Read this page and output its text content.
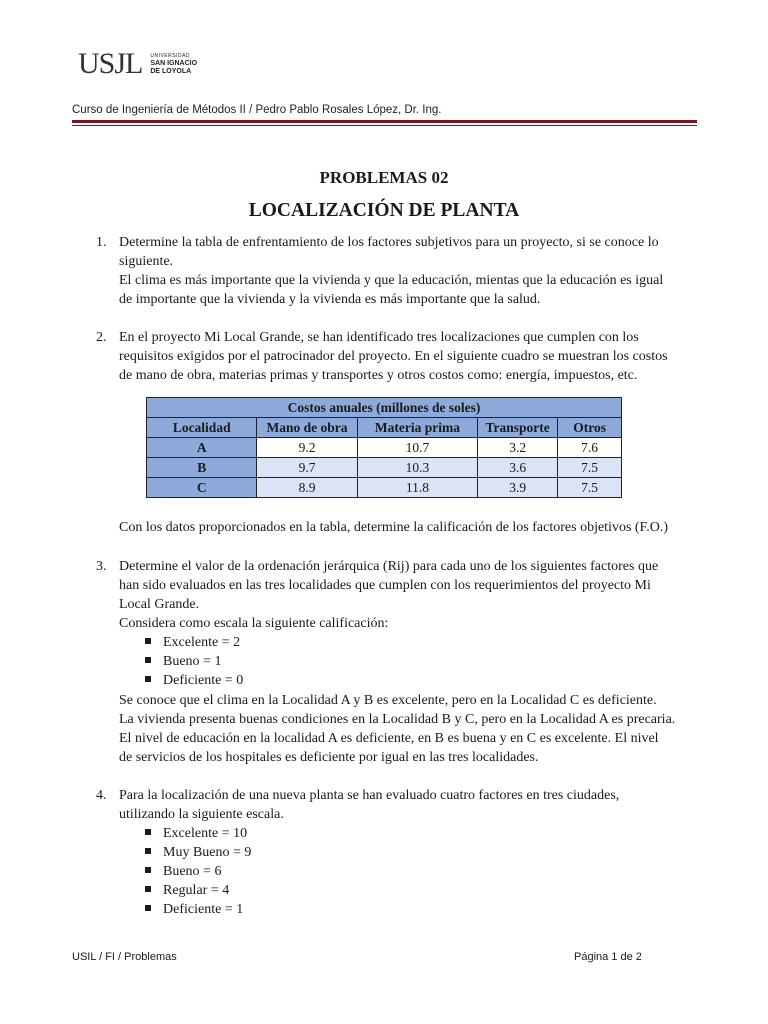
USJL UNIVERSIDAD
SAN IGNACIO
DE LOYOLA
Curso de Ingeniería de Métodos II / Pedro Pablo Rosales López, Dr. Ing.
PROBLEMAS 02
LOCALIZACIÓN DE PLANTA
1. Determine la tabla de enfrentamiento de los factores subjetivos para un proyecto, si se conoce lo
siguiente.
El clima es más importante que la vivienda y que la educación, mientas que la educación es igual
de importante que la vivienda y la vivienda es más importante que la salud.
2. En el proyecto Mi Local Grande, se han identificado tres localizaciones que cumplen con los
requisitos exigidos por el patrocinador del proyecto. En el siguiente cuadro se muestran los costos
de mano de obra, materias primas y transportes y otros costos como: energía, impuestos, etc.
Costos anuales (millones de soles)				
Localidad	Mano de obra	Materia prima	Transporte	Otros
A	9.2	10.7	3.2	7.6
B	9.7	10.3	3.6	7.5
C	8.9	11.8	3.9	7.5
Con los datos proporcionados en la tabla, determine la calificación de los factores objetivos (F.O.)
3. Determine el valor de la ordenación jerárquica (Rij) para cada uno de los siguientes factores que
han sido evaluados en las tres localidades que cumplen con los requerimientos del proyecto Mi
Local Grande.
Considera como escala la siguiente calificación:
Excelente = 2
Bueno = 1
Deficiente = 0
Se conoce que el clima en la Localidad A y B es excelente, pero en la Localidad C es deficiente.
La vivienda presenta buenas condiciones en la Localidad B y C, pero en la Localidad A es precaria.
El nivel de educación en la localidad A es deficiente, en B es buena y en C es excelente. El nivel
de servicios de los hospitales es deficiente por igual en las tres localidades.
4. Para la localización de una nueva planta se han evaluado cuatro factores en tres ciudades,
utilizando la siguiente escala.
Excelente = 10
Muy Bueno = 9
Bueno = 6
Regular = 4
Deficiente = 1
USIL / FI / Problemas	Página 1 de 2
